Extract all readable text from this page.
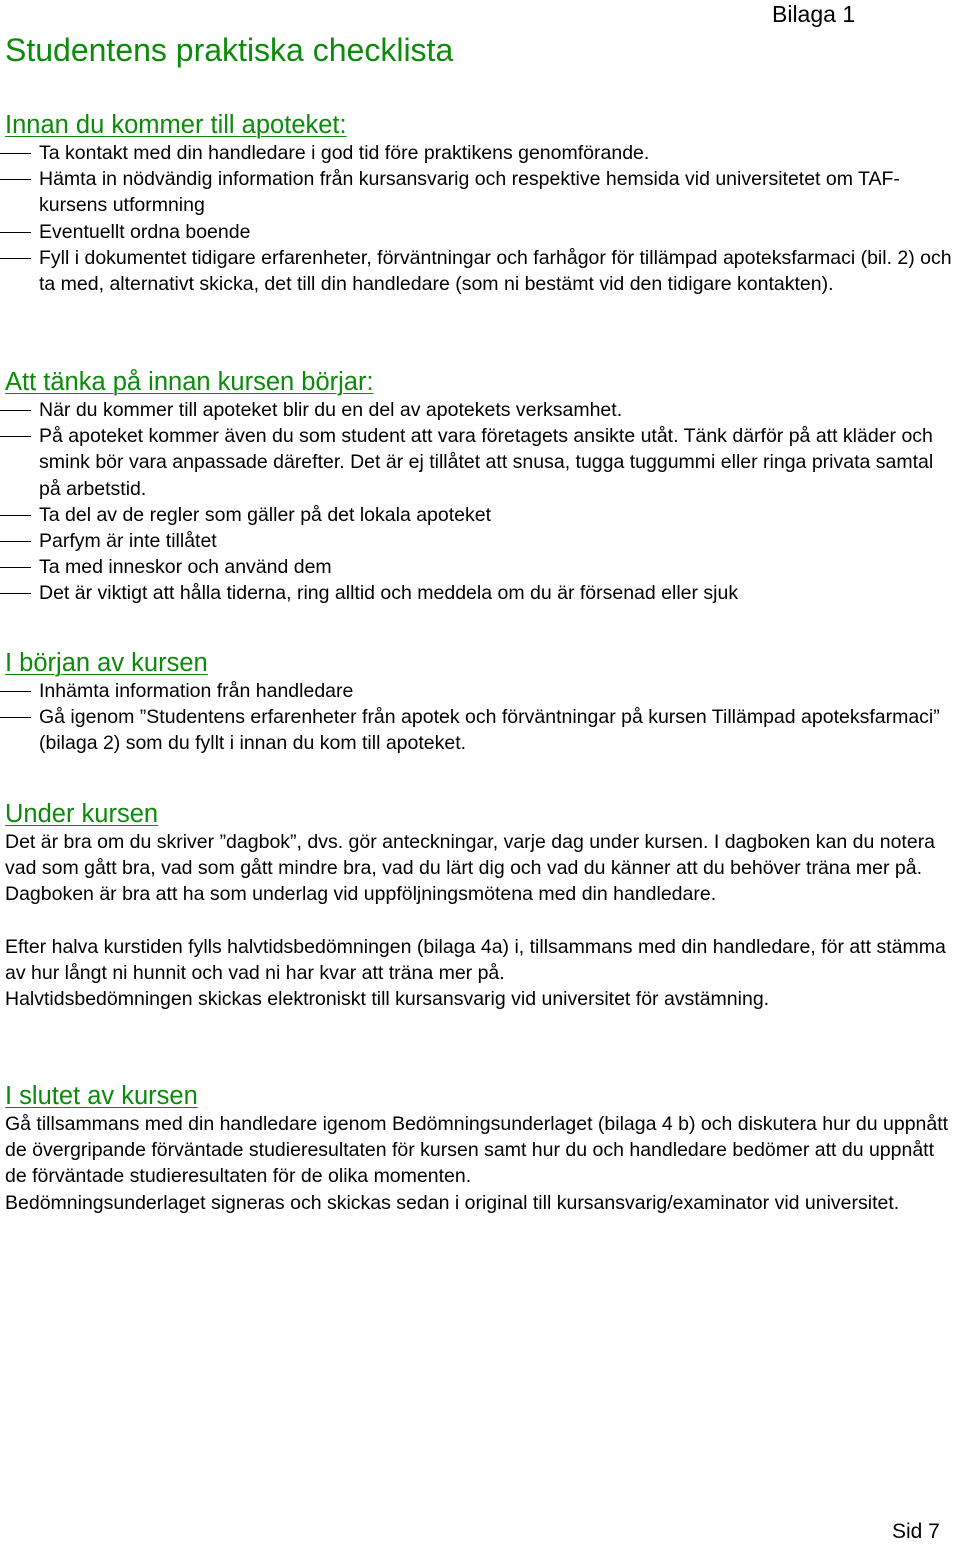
Bilaga 1
Studentens praktiska checklista
Innan du kommer till apoteket:
Ta kontakt med din handledare i god tid före praktikens genomförande.
Hämta in nödvändig information från kursansvarig och respektive hemsida vid universitetet om TAF-kursens utformning
Eventuellt ordna boende
Fyll i dokumentet tidigare erfarenheter, förväntningar och farhågor för tillämpad apoteksfarmaci (bil. 2) och ta med, alternativt skicka, det till din handledare (som ni bestämt vid den tidigare kontakten).
Att tänka på innan kursen börjar:
När du kommer till apoteket blir du en del av apotekets verksamhet.
På apoteket kommer även du som student att vara företagets ansikte utåt. Tänk därför på att kläder och smink bör vara anpassade därefter. Det är ej tillåtet att snusa, tugga tuggummi eller ringa privata samtal på arbetstid.
Ta del av de regler som gäller på det lokala apoteket
Parfym är inte tillåtet
Ta med inneskor och använd dem
Det är viktigt att hålla tiderna, ring alltid och meddela om du är försenad eller sjuk
I början av kursen
Inhämta information från handledare
Gå igenom ”Studentens erfarenheter från apotek och förväntningar på kursen Tillämpad apoteksfarmaci” (bilaga 2) som du fyllt i innan du kom till apoteket.
Under kursen

Det är bra om du skriver ”dagbok”, dvs. gör anteckningar, varje dag under kursen. I dagboken kan du notera vad som gått bra, vad som gått mindre bra, vad du lärt dig och vad du känner att du behöver träna mer på. Dagboken är bra att ha som underlag vid uppföljningsmötena med din handledare.

Efter halva kurstiden fylls halvtidsbedömningen (bilaga 4a) i, tillsammans med din handledare, för att stämma av hur långt ni hunnit och vad ni har kvar att träna mer på.

Halvtidsbedömningen skickas elektroniskt till kursansvarig vid universitet för avstämning.

I slutet av kursen

Gå tillsammans med din handledare igenom Bedömningsunderlaget (bilaga 4 b) och diskutera hur du uppnått de övergripande förväntade studieresultaten för kursen samt hur du och handledare bedömer att du uppnått de förväntade studieresultaten för de olika momenten.

Bedömningsunderlaget signeras och skickas sedan i original till kursansvarig/examinator vid universitet.

Sid 7
